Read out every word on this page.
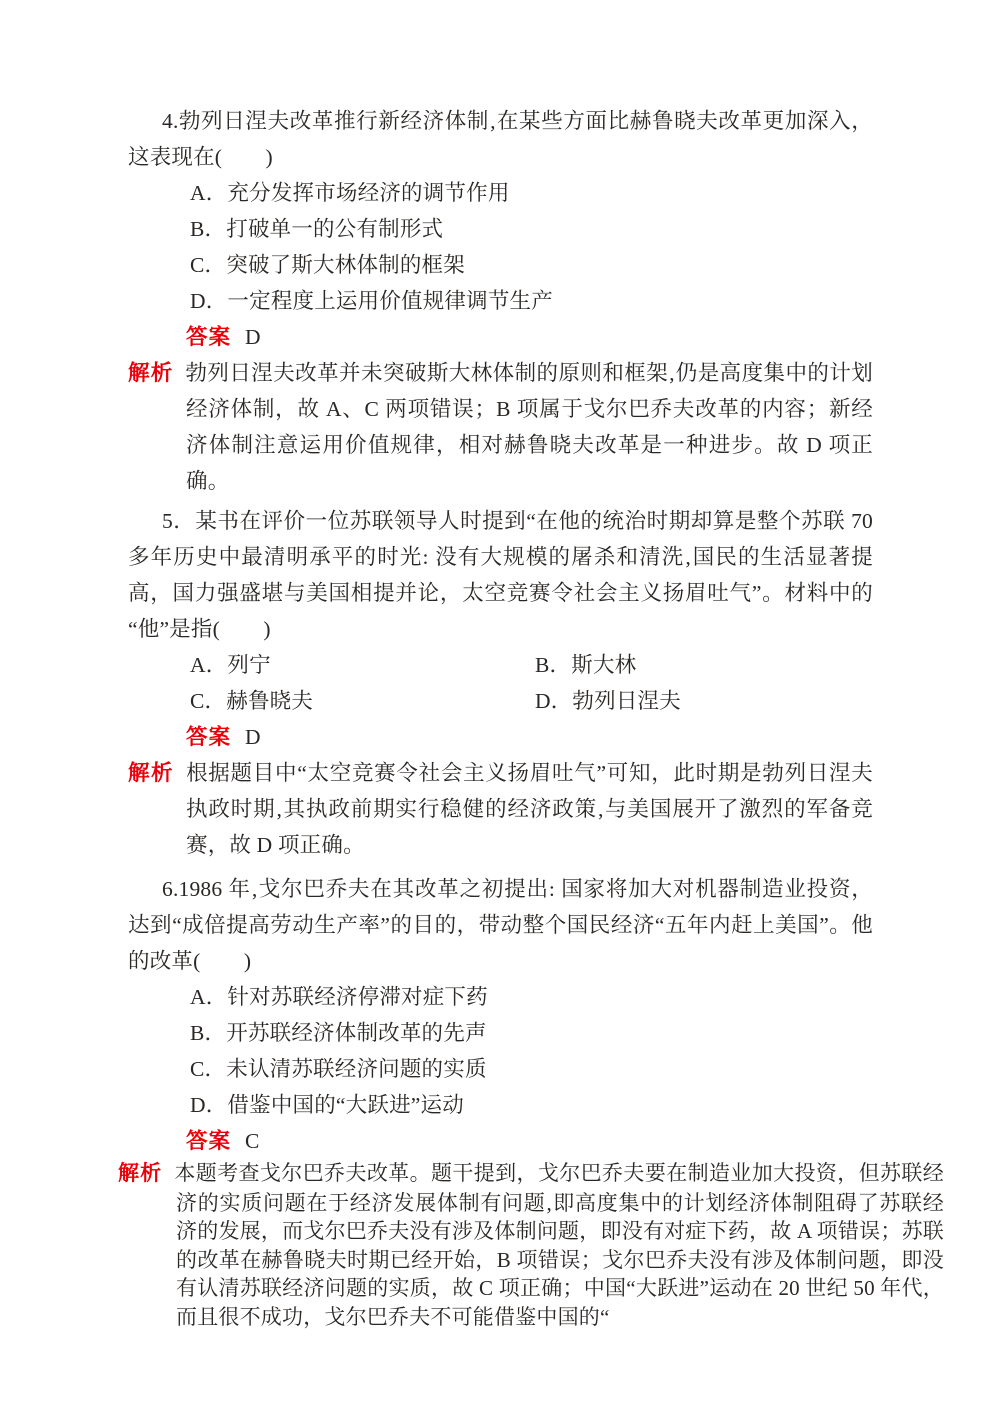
4.勃列日涅夫改革推行新经济体制‚在某些方面比赫鲁晓夫改革更加深入，这表现在(　　)

A．充分发挥市场经济的调节作用

B．打破单一的公有制形式

C．突破了斯大林体制的框架

D．一定程度上运用价值规律调节生产

答案 D

解析 勃列日涅夫改革并未突破斯大林体制的原则和框架‚仍是高度集中的计划经济体制，故 A、C 两项错误；B 项属于戈尔巴乔夫改革的内容；新经济体制注意运用价值规律，相对赫鲁晓夫改革是一种进步。故 D 项正确。

5．某书在评价一位苏联领导人时提到“在他的统治时期却算是整个苏联 70 多年历史中最清明承平的时光: 没有大规模的屠杀和清洗‚国民的生活显著提高，国力强盛堪与美国相提并论，太空竞赛令社会主义扬眉吐气”。材料中的“他”是指(　　)

A．列宁	B．斯大林
C．赫鲁晓夫	D．勃列日涅夫

答案 D

解析 根据题目中“太空竞赛令社会主义扬眉吐气”可知，此时期是勃列日涅夫执政时期‚其执政前期实行稳健的经济政策‚与美国展开了激烈的军备竞赛，故 D 项正确。

6.1986 年‚戈尔巴乔夫在其改革之初提出: 国家将加大对机器制造业投资，达到“成倍提高劳动生产率”的目的，带动整个国民经济“五年内赶上美国”。他的改革(　　)

A．针对苏联经济停滞对症下药

B．开苏联经济体制改革的先声

C．未认清苏联经济问题的实质

D．借鉴中国的“大跃进”运动

答案 C

解析 本题考查戈尔巴乔夫改革。题干提到，戈尔巴乔夫要在制造业加大投资，但苏联经济的实质问题在于经济发展体制有问题‚即高度集中的计划经济体制阻碍了苏联经济的发展，而戈尔巴乔夫没有涉及体制问题，即没有对症下药，故 A 项错误；苏联的改革在赫鲁晓夫时期已经开始，B 项错误；戈尔巴乔夫没有涉及体制问题，即没有认清苏联经济问题的实质，故 C 项正确；中国“大跃进”运动在 20 世纪 50 年代，而且很不成功，戈尔巴乔夫不可能借鉴中国的“
